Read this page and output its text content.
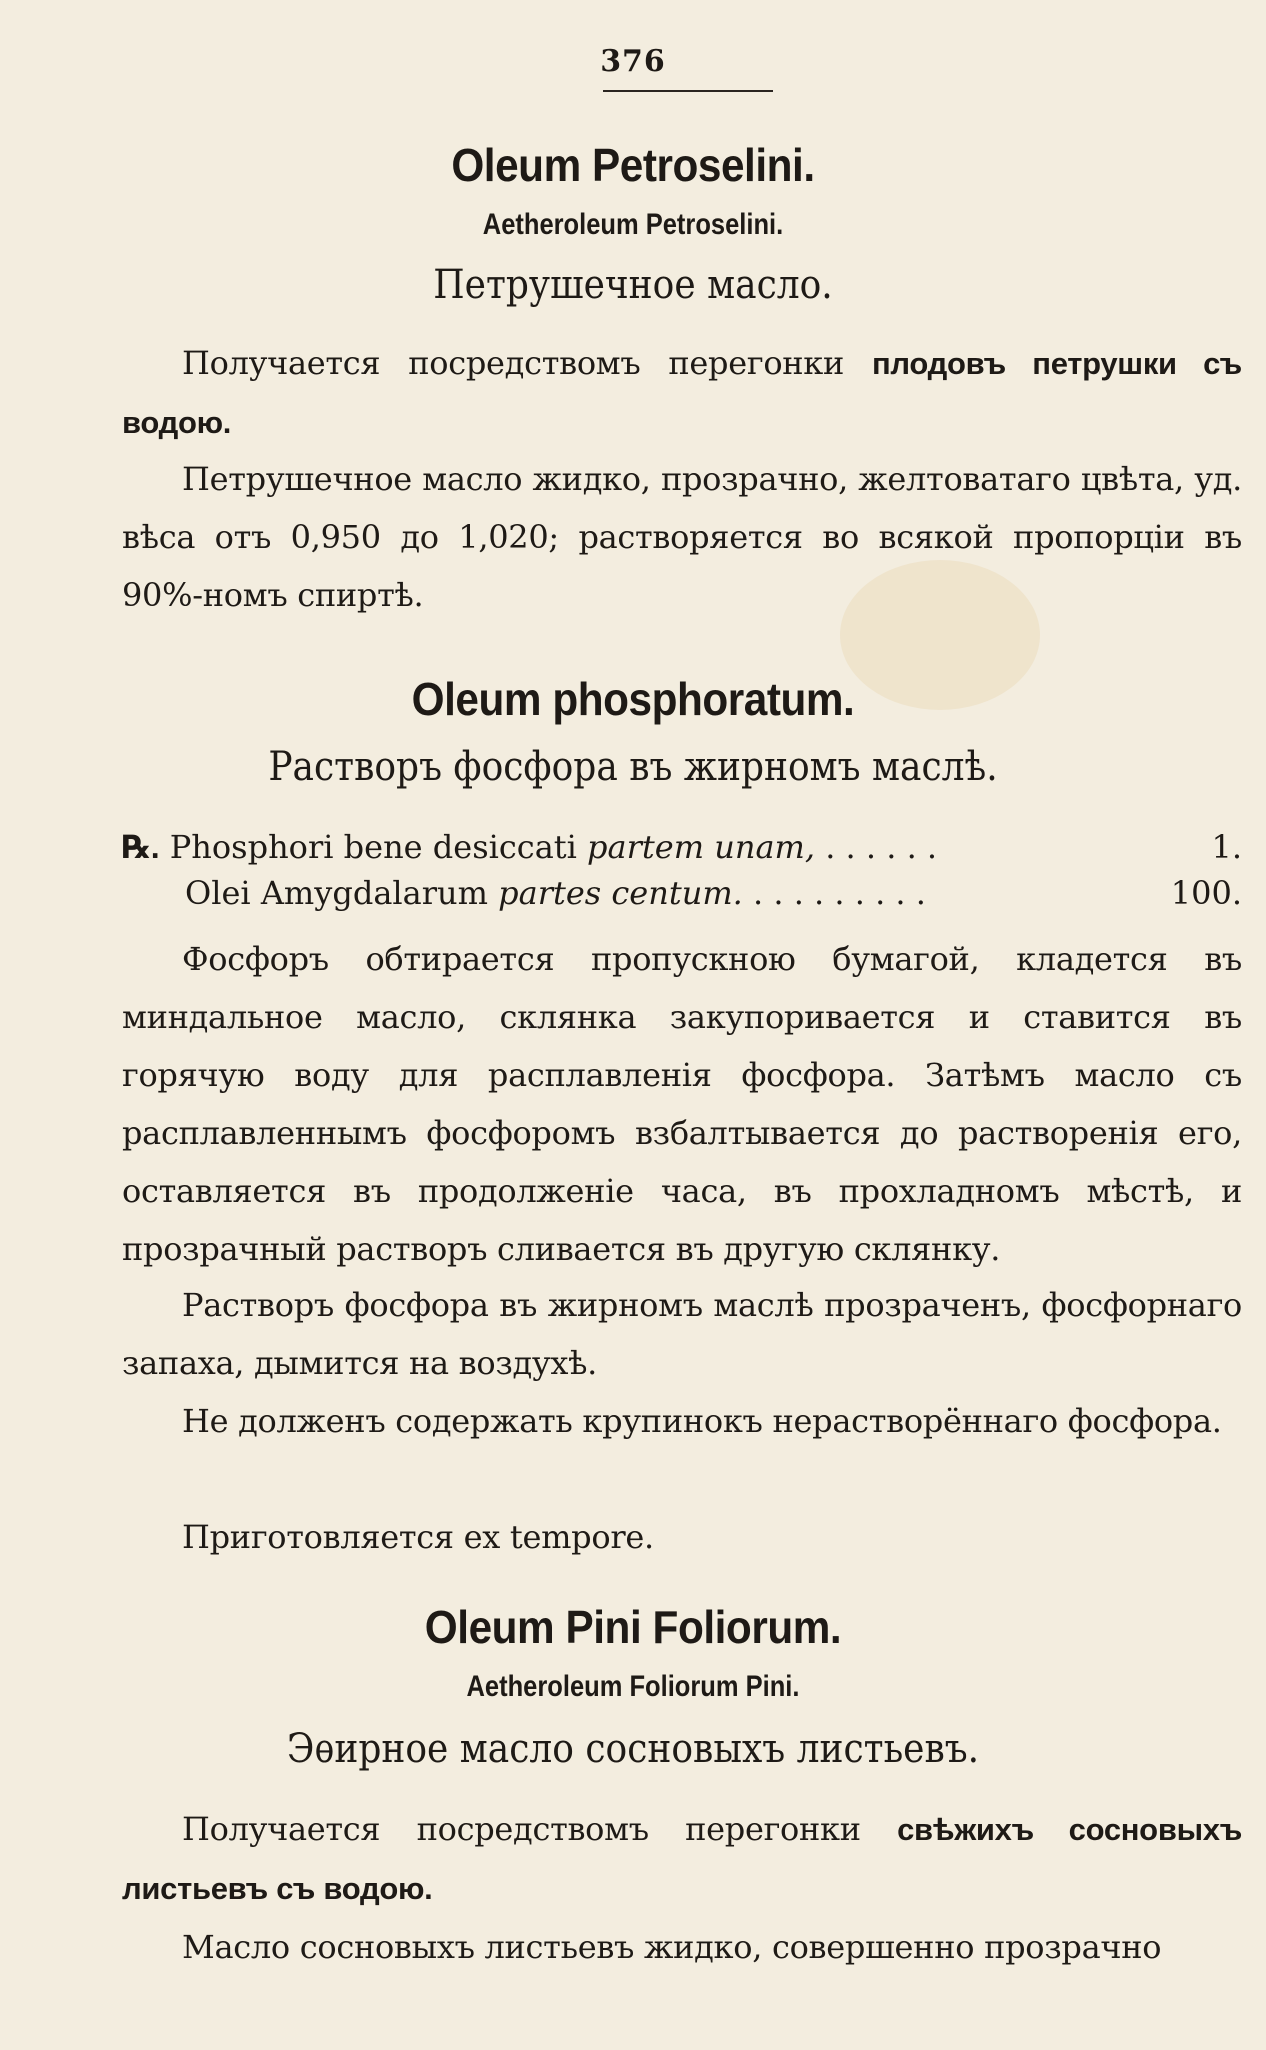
376
Oleum Petroselini.
Aetheroleum Petroselini.
Петрушечное масло.
Получается посредствомъ перегонки плодовъ петрушки съ водою.
Петрушечное масло жидко, прозрачно, желтоватаго цвѣта, уд. вѣса отъ 0,950 до 1,020; растворяется во всякой пропорціи въ 90%-номъ спиртѣ.
Oleum phosphoratum.
Растворъ фосфора въ жирномъ маслѣ.
℞. Phosphori bene desiccati partem unam, . . . . . .	1.
Olei Amygdalarum partes centum. . . . . . . . . .	100.
Фосфоръ обтирается пропускною бумагой, кладется въ миндальное масло, склянка закупоривается и ставится въ горячую воду для расплавленія фосфора. Затѣмъ масло съ расплавленнымъ фосфоромъ взбалтывается до растворенія его, оставляется въ продолженіе часа, въ прохладномъ мѣстѣ, и прозрачный растворъ сливается въ другую склянку.
Растворъ фосфора въ жирномъ маслѣ прозраченъ, фосфорнаго запаха, дымится на воздухѣ.
Не долженъ содержать крупинокъ нерастворённаго фосфора.
Приготовляется ex tempore.
Oleum Pini Foliorum.
Aetheroleum Foliorum Pini.
Эѳирное масло сосновыхъ листьевъ.
Получается посредствомъ перегонки свѣжихъ сосновыхъ листьевъ съ водою.
Масло сосновыхъ листьевъ жидко, совершенно прозрачно
